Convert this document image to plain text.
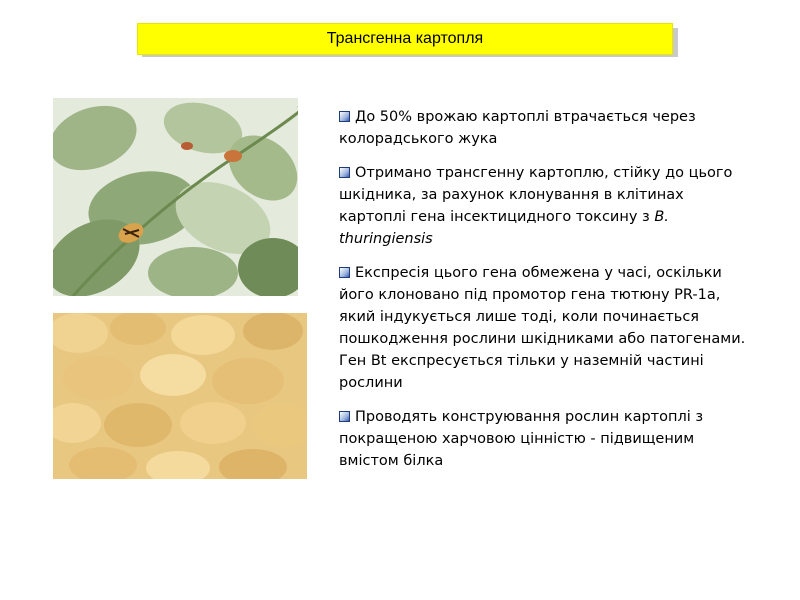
Трансгенна картопля
До 50% врожаю картоплі втрачається через колорадського жука
Отримано трансгенну картоплю, стійку до цього шкідника, за рахунок клонування в клітинах картоплі гена інсектицидного токсину з B. thuringiensis
Експресія цього гена обмежена у часі, оскільки його клоновано під промотор гена тютюну PR-1a, який індукується лише тоді, коли починається пошкодження рослини шкідниками або патогенами. Ген Bt експресується тільки у наземній частині рослини
Проводять конструювання рослин картоплі з покращеною харчовою цінністю - підвищеним вмістом білка
